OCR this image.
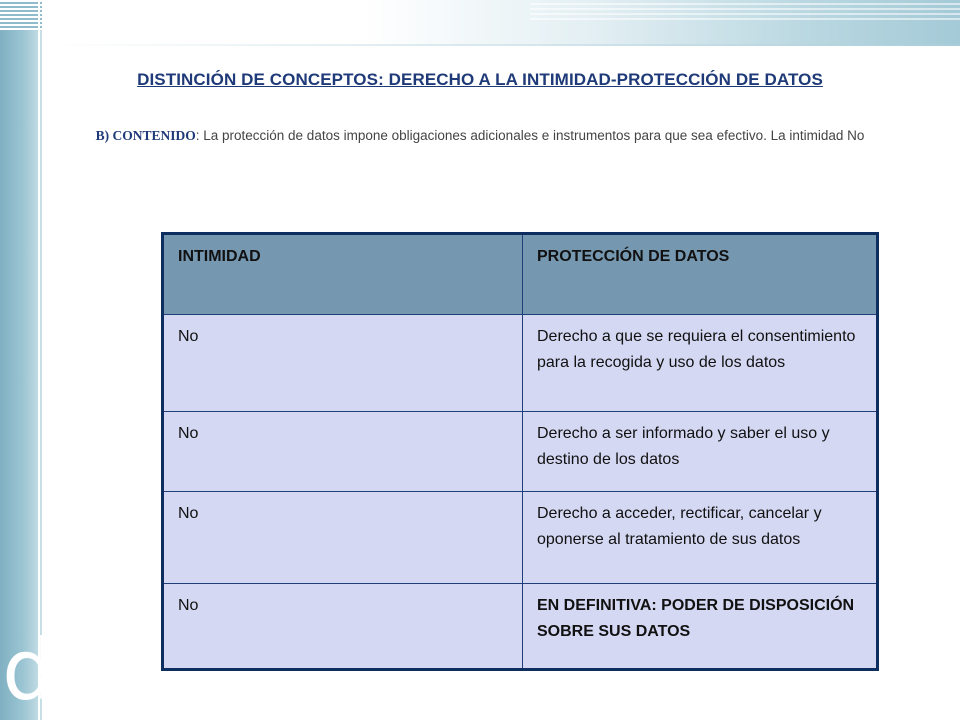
d
DISTINCIÓN DE CONCEPTOS: DERECHO A LA INTIMIDAD-PROTECCIÓN DE DATOS
B) CONTENIDO: La protección de datos impone obligaciones adicionales e instrumentos para que sea efectivo. La intimidad No
INTIMIDAD	PROTECCIÓN DE DATOS
No	Derecho a que se requiera el consentimiento para la recogida y uso de los datos
No	Derecho a ser informado y saber el uso y destino de los datos
No	Derecho a acceder, rectificar, cancelar y oponerse al tratamiento de sus datos
No	EN DEFINITIVA: PODER DE DISPOSICIÓN SOBRE SUS DATOS
